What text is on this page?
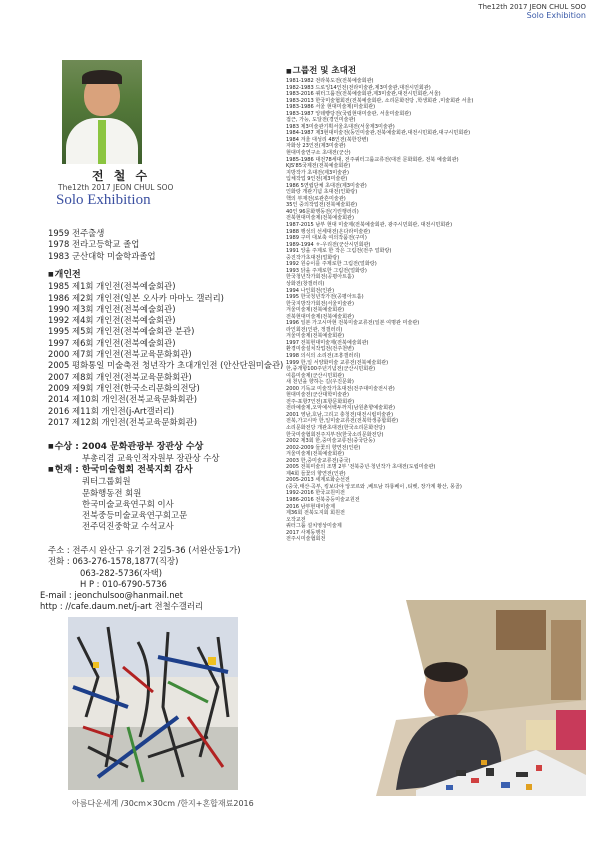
The12th 2017 JEON CHUL SOO
Solo Exhibition
전 철 수
The12th 2017 JEON CHUL SOO
Solo Exhibition
1959 전주출생
1978 전라고등학교 졸업
1983 군산대학 미술학과졸업
■ 개인전
1985 제1회 개인전(전북예술회관)
1986 제2회 개인전(일본 오사카 마마노 갤러리)
1990 제3회 개인전(전북예술회관)
1992 제4회 개인전(전북예술회관)
1995 제5회 개인전(전북예술회관 분관)
1997 제6회 개인전(전북예술회관)
2000 제7회 개인전(전북교육문화회관)
2005 평화통일 미술축전 청년작가 초대개인전 (안산단원미술관)
2007 제8회 개인전(전북교육문화회관)
2009 제9회 개인전(한국소리문화의전당)
2014 제10회 개인전(전북교육문화회관)
2016 제11회 개인전(j-Art갤러리)
2017 제12회 개인전(전북교육문화회관)
■ 수상 : 2004 문화관광부 장관상 수상
부총리겸 교육인적자원부 장관상 수상
■ 현재 : 한국미술협회 전북지회 감사
쿼터그룹회원
문화행동전 회원
한국미술교육연구회 이사
전북중등미술교육연구회고문
전주덕진중학교 수석교사
주소 : 전주시 완산구 유기전 2길5-36 (서완산동1가)
전화 : 063-276-1578,1877(직장)
063-282-5736(자택)
H P : 010-6790-5736
E-mail : jeonchulsoo@hanmail.net
http : //cafe.daum.net/j-art 전철수갤러리
아름다운세계 /30cm×30cm /한지+혼합재료2016
■ 그룹전 및 초대전
1981-1982 전라북도전(전북예술회관)
1982-1983 드로잉14인전(전라미술관,제3미술관,대전시민회관)
1983-2016 쿼터그룹전(전북예술회관,제3미술관,대전시민회관,서울)
1983-2013 한국미술협회전(전북예술회관, 소리문화전당 ,학생회관 ,미술회관 서울)
1983-1986 서울 현대미술제(미술회관)
1983-1987 앙데빵당전(국립현대미술관, 서울미술회관)
접근, 가능, 도달전(경인미술관)
1983 제3미술관기획서울초대전(서울제3미술관)
1984-1987 제3현대미술전(동인미술관,전북예술회관,대전시민회관,대구시민회관)
1984 겨울 대성리 48인전(북한강변)
자화상 23인전(제3미술관)
현대미술연구소 초대전(군산)
1985-1986 대전78세대, 전주쿼터그룹교류전(대전 문화회관, 전북 예술회관)
KJS'85국제전(전북예술회관)
지방작가 초대전(제3미술관)
입체작업 9인전(제3미술관)
1986 5연립단체 초대전(제3미술관)
인화랑 개관기념 초대전(인화랑)
핵의 부재전(로관흔미술관)
35인 중의작업전(전북예술회관)
40인 96문화행동전(기린행러리)
전북현대미술제(전북예술회관)
1987-2015 남부 현대 미술제(전북예술회관, 광주시민회관, 대전시민회관)
1988 행성의 선세대전(온다라미술관)
1989 구미 대보축 여의작품전(구미)
1989-1994 ㅎ-우리전(군산시민회관)
1991 앙을 주제로 한 작은 그림전(전주 얼화랑)
중진작가초대전(얼화랑)
1992 원숭이를 주제로한 그림전(얼화랑)
1993 닭을 주제로한 그림전(얼화랑)
한국청년작가회전(공평아트홀)
상화전(창갤러리)
1994 나인회전(인관)
1995 한국청년작가전(공평아트홀)
한국지방작가회전(서울미술관)
겨울미술제(전북예술회관)
전북현대미술제(전북예술회관)
1996 일본 가고시마현 전북미술교류전(일본 여명관 미술관)
라인회전(인관, 정갤러리)
겨울미술제(전북예술회관)
1997 전북현대미술제(전북예술회관)
환경미술설치작업전(전주천변)
1998 의식의 소리전(조흥갤러리)
1999 한,일 서양화미술 교류전(전북예술회관)
한,중개항100주년기념전(군산시민회관)
여름미술제(군산시민회관)
새 천년을 향하는 길(우진문화)
2000 기독교 미술작가초대전(전주대미술전시관)
현대미술전(군산대학미술관)
전주-포항7인전(포항문화회관)
전라예술제,오악예서백두까지(남원춘향예술회관)
2001 영남,호남,그리고 충청전(대전시립미술관)
전북,가고시마 한,일미술교류전(전북학생종합회관)
소리문화전당 개관초대전(한국소리문화전당)
한국미술협회전주지부전(한국소리문화전당)
2002 제3회 한,중미술교류전(중국단동)
2002-2009 들꽃의 향연전(인관)
겨울미술제(전북예술회관)
2003 한,중미술교류전(중국)
2005 전북미술의 조명 2부 '전북중년·청년작가 초대전(도립미술관)
제4회 들꽃의 향연전(인관)
2005-2013 세계로화순선전
(중국,태산·곡부, 킹보다야 앙코르와 ,베트남 하룡베이 ,티벳, 장가계 황산, 몽골)
1992-2016 한국교원미전
1986-2016 전북중등미술교원전
2016 남부현대미술제
제36회 전북도지회 회원전
오작교전
쿼터그룹 설치영상미술제
2017 사제동행전
전주시미술협회전
